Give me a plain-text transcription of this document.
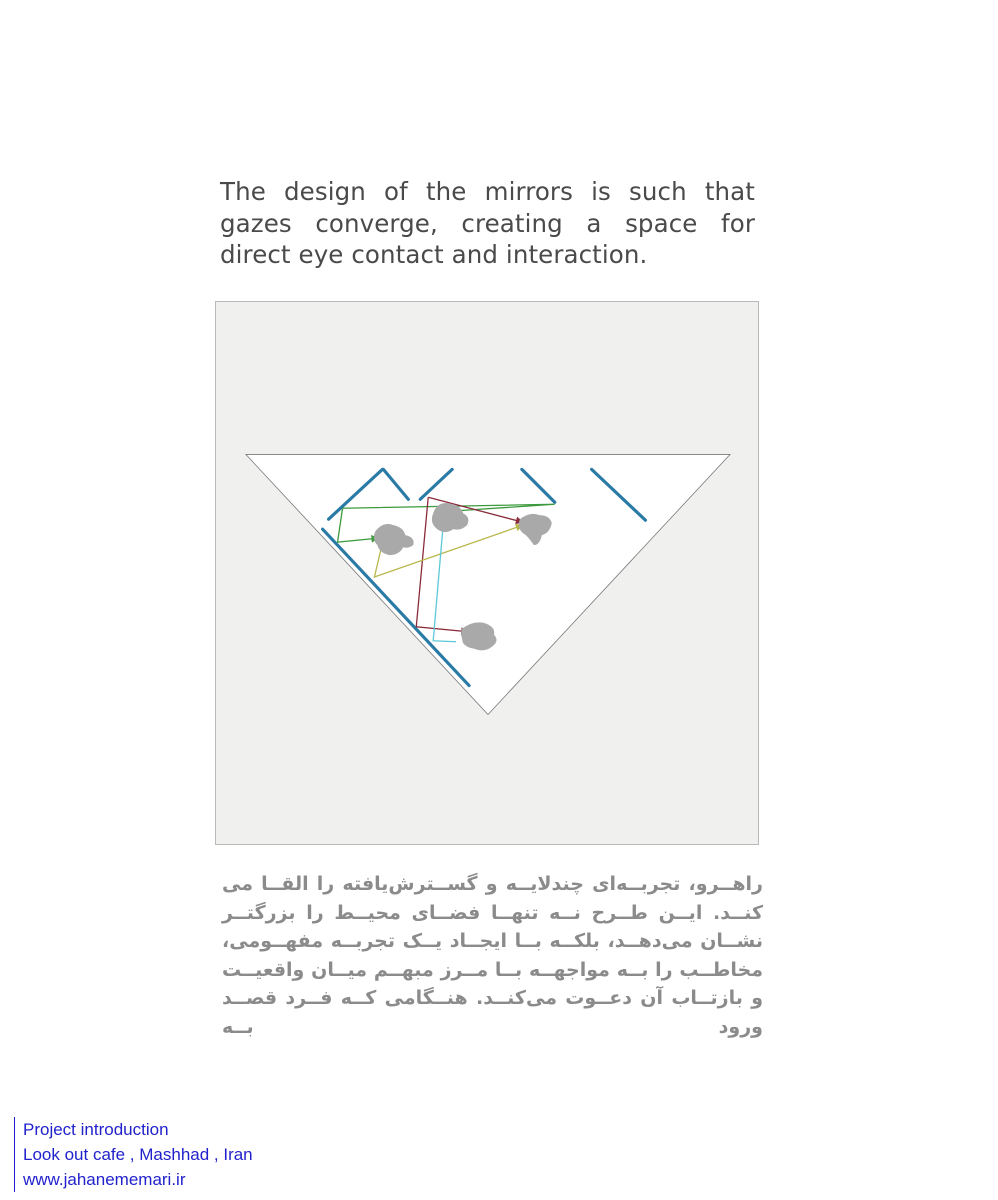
The design of the mirrors is such that gazes converge, creating a space for direct eye contact and interaction.
راهــرو، تجربــه‌ای چندلایــه و گســترش‌یافته را القــا می کنــد. ایــن طــرح نــه تنهــا فضــای محیــط را بزرگتــر نشــان می‌دهــد، بلکــه بــا ایجــاد یــک تجربــه مفهــومی، مخاطــب را بــه مواجهــه بــا مــرز مبهــم میــان واقعیــت و بازتــاب آن دعــوت می‌کنــد. هنــگامی کــه فــرد قصــد ورود بــه
Project introduction
Look out cafe , Mashhad , Iran
www.jahanememari.ir
